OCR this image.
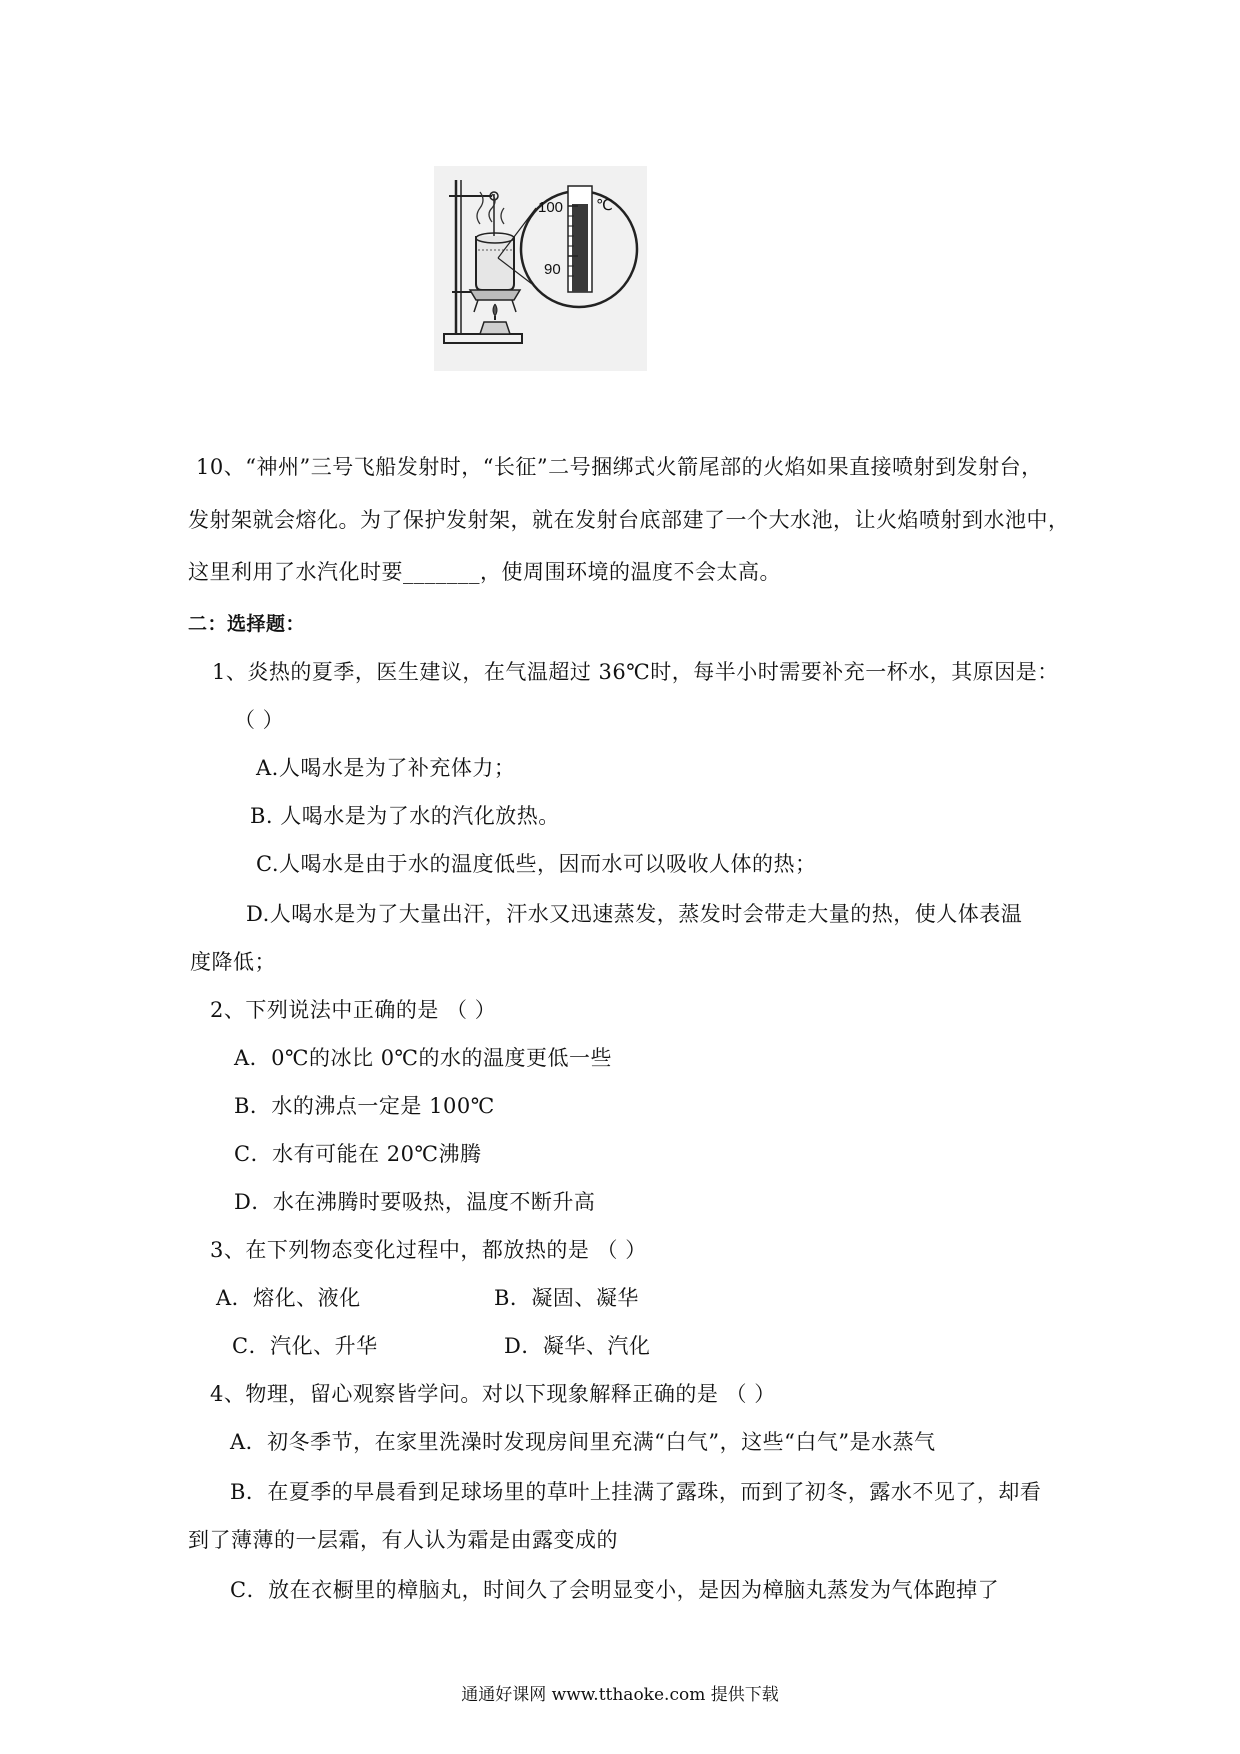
100 ℃
90
10、“神州”三号飞船发射时，“长征”二号捆绑式火箭尾部的火焰如果直接喷射到发射台，
发射架就会熔化。为了保护发射架，就在发射台底部建了一个大水池，让火焰喷射到水池中，
这里利用了水汽化时要_______，使周围环境的温度不会太高。
二：选择题：
1、炎热的夏季，医生建议，在气温超过 36℃时，每半小时需要补充一杯水，其原因是：
（ ）
A.人喝水是为了补充体力；
B. 人喝水是为了水的汽化放热。
C.人喝水是由于水的温度低些，因而水可以吸收人体的热；
D.人喝水是为了大量出汗，汗水又迅速蒸发，蒸发时会带走大量的热，使人体表温
度降低；
2、下列说法中正确的是 （ ）
A．0℃的冰比 0℃的水的温度更低一些
B．水的沸点一定是 100℃
C．水有可能在 20℃沸腾
D．水在沸腾时要吸热，温度不断升高
3、在下列物态变化过程中，都放热的是 （ ）
A．熔化、液化	B．凝固、凝华
C．汽化、升华	D．凝华、汽化
4、物理，留心观察皆学问。对以下现象解释正确的是 （ ）
A．初冬季节，在家里洗澡时发现房间里充满“白气”，这些“白气”是水蒸气
B．在夏季的早晨看到足球场里的草叶上挂满了露珠，而到了初冬，露水不见了，却看
到了薄薄的一层霜，有人认为霜是由露变成的
C．放在衣橱里的樟脑丸，时间久了会明显变小，是因为樟脑丸蒸发为气体跑掉了
通通好课网 www.tthaoke.com 提供下载
